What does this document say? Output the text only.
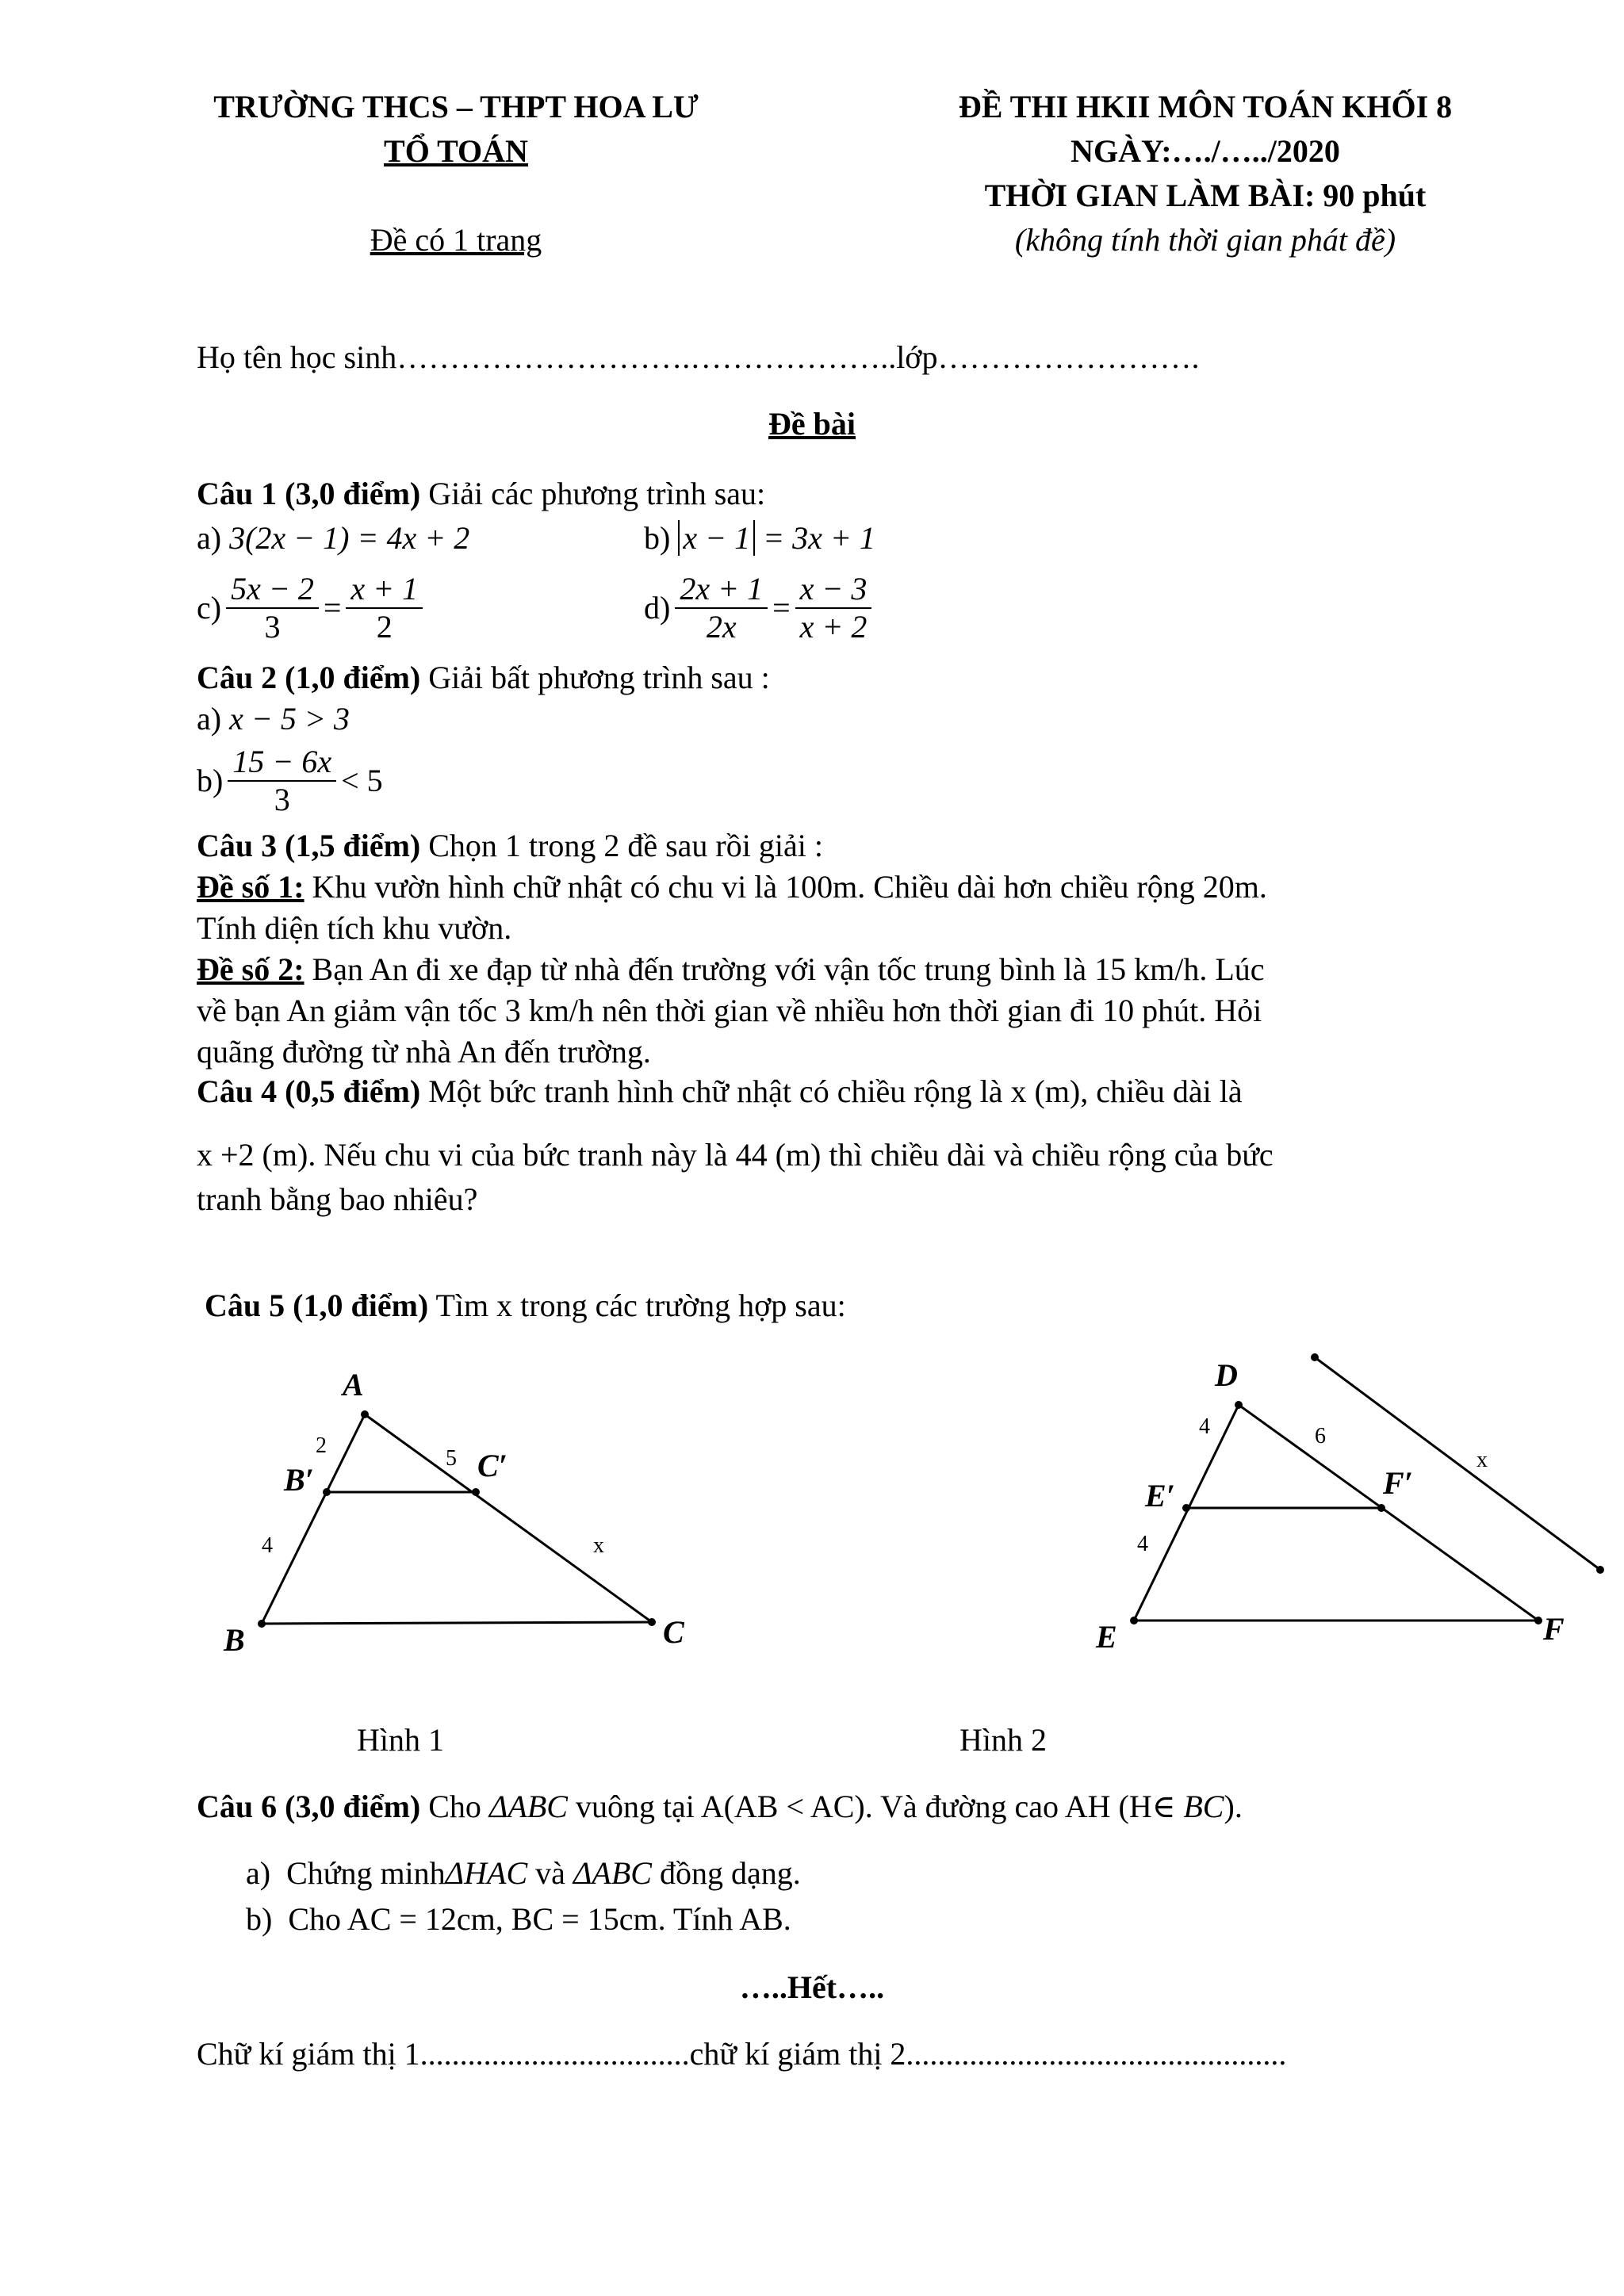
TRƯỜNG THCS – THPT HOA LƯ
TỔ TOÁN
Đề có 1 trang
ĐỀ THI HKII MÔN TOÁN KHỐI 8
NGÀY:…./…../2020
THỜI GIAN LÀM BÀI: 90 phút
(không tính thời gian phát đề)
Họ tên học sinh……………………….………………..lớp…………………….
Đề bài
Câu 1 (3,0 điểm) Giải các phương trình sau:
a) 3(2x − 1) = 4x + 2	b) x − 1 = 3x + 1
$c) \frac{5x - 2}{3} = \frac{x + 1}{2}$	$d) \frac{2x + 1}{2x} = \frac{x - 3}{x + 2}$
Câu 2 (1,0 điểm) Giải bất phương trình sau :
a) x − 5 > 3
$b) \frac{15 - 6x}{3} < 5$
Câu 3 (1,5 điểm) Chọn 1 trong 2 đề sau rồi giải :
Đề số 1: Khu vườn hình chữ nhật có chu vi là 100m. Chiều dài hơn chiều rộng 20m.
Tính diện tích khu vườn.
Đề số 2: Bạn An đi xe đạp từ nhà đến trường với vận tốc trung bình là 15 km/h. Lúc
về bạn An giảm vận tốc 3 km/h nên thời gian về nhiều hơn thời gian đi 10 phút. Hỏi
quãng đường từ nhà An đến trường.
Câu 4 (0,5 điểm) Một bức tranh hình chữ nhật có chiều rộng là x (m), chiều dài là
x +2 (m). Nếu chu vi của bức tranh này là 44 (m) thì chiều dài và chiều rộng của bức
tranh bằng bao nhiêu?
Câu 5 (1,0 điểm) Tìm x trong các trường hợp sau:
A
B	C
B′	C′
2
5
4	x
D
E	F
E′	F′
4	6
4
x
Hình 1	Hình 2
Câu 6 (3,0 điểm) Cho ΔABC vuông tại A(AB < AC). Và đường cao AH (H∈ BC).
a) Chứng minhΔHAC và ΔABC đồng dạng.
b) Cho AC = 12cm, BC = 15cm. Tính AB.
…..Hết…..
Chữ kí giám thị 1..................................chữ kí giám thị 2................................................
